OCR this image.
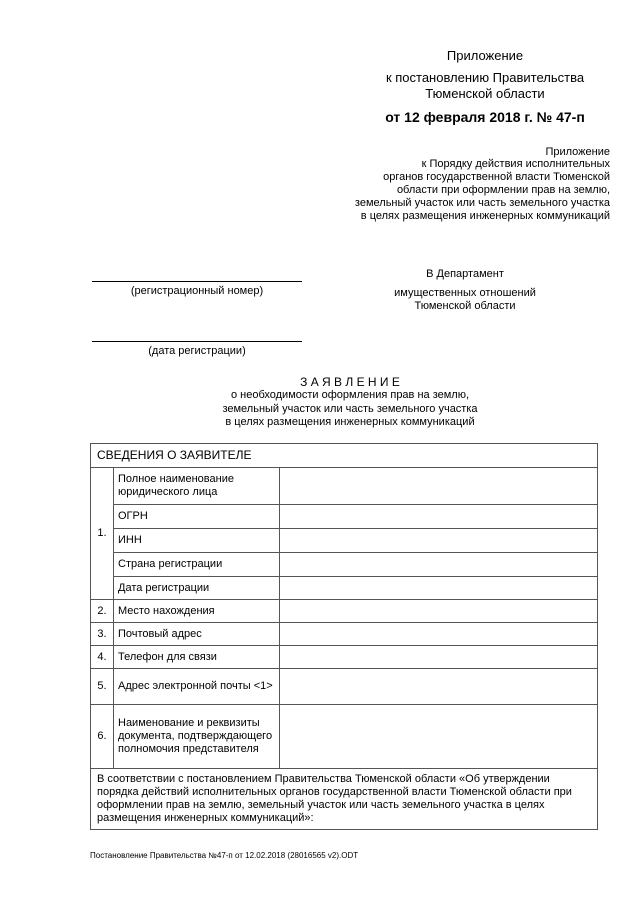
Приложение
к постановлению Правительства
Тюменской области
от 12 февраля 2018 г. № 47-п
Приложение
к Порядку действия исполнительных
органов государственной власти Тюменской
области при оформлении прав на землю,
земельный участок или часть земельного участка
в целях размещения инженерных коммуникаций
(регистрационный номер)
(дата регистрации)
В Департамент
имущественных отношений
Тюменской области
З А Я В Л Е Н И Е
о необходимости оформления прав на землю,
земельный участок или часть земельного участка
в целях размещения инженерных коммуникаций
СВЕДЕНИЯ О ЗАЯВИТЕЛЕ		
1.	Полное наименование юридического лица	
	ОГРН	
	ИНН	
	Страна регистрации	
	Дата регистрации	
2.	Место нахождения	
3.	Почтовый адрес	
4.	Телефон для связи	
5.	Адрес электронной почты <1>	
6.	Наименование и реквизиты документа, подтверждающего полномочия представителя	
В соответствии с постановлением Правительства Тюменской области «Об утверждении порядка действий исполнительных органов государственной власти Тюменской области при оформлении прав на землю, земельный участок или часть земельного участка в целях размещения инженерных коммуникаций»:		
Постановление Правительства №47-п от 12.02.2018 (28016565 v2).ODT
